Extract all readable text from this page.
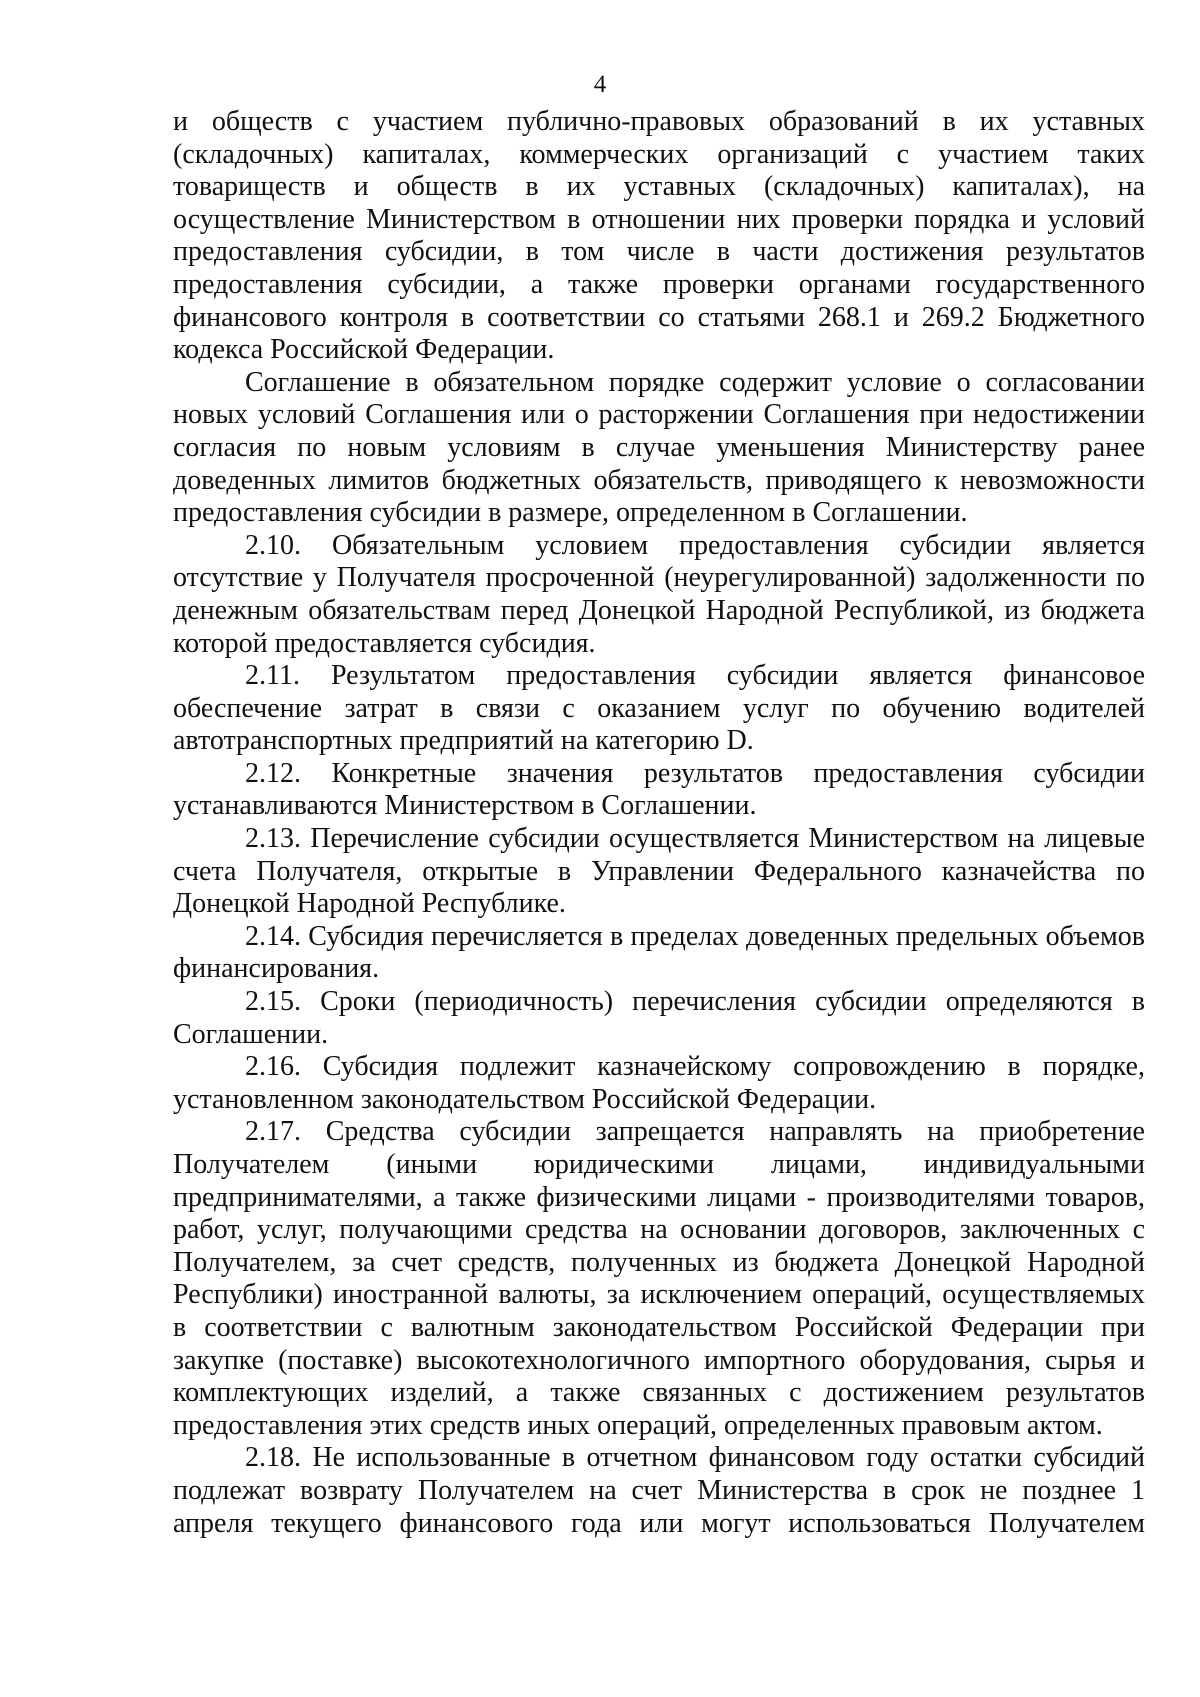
4

и обществ с участием публично-правовых образований в их уставных (складочных) капиталах, коммерческих организаций с участием таких товариществ и обществ в их уставных (складочных) капиталах), на осуществление Министерством в отношении них проверки порядка и условий предоставления субсидии, в том числе в части достижения результатов предоставления субсидии, а также проверки органами государственного финансового контроля в соответствии со статьями 268.1 и 269.2 Бюджетного кодекса Российской Федерации.

Соглашение в обязательном порядке содержит условие о согласовании новых условий Соглашения или о расторжении Соглашения при недостижении согласия по новым условиям в случае уменьшения Министерству ранее доведенных лимитов бюджетных обязательств, приводящего к невозможности предоставления субсидии в размере, определенном в Соглашении.

2.10. Обязательным условием предоставления субсидии является отсутствие у Получателя просроченной (неурегулированной) задолженности по денежным обязательствам перед Донецкой Народной Республикой, из бюджета которой предоставляется субсидия.

2.11. Результатом предоставления субсидии является финансовое обеспечение затрат в связи с оказанием услуг по обучению водителей автотранспортных предприятий на категорию D.

2.12. Конкретные значения результатов предоставления субсидии устанавливаются Министерством в Соглашении.

2.13. Перечисление субсидии осуществляется Министерством на лицевые счета Получателя, открытые в Управлении Федерального казначейства по Донецкой Народной Республике.

2.14. Субсидия перечисляется в пределах доведенных предельных объемов финансирования.

2.15. Сроки (периодичность) перечисления субсидии определяются в Соглашении.

2.16. Субсидия подлежит казначейскому сопровождению в порядке, установленном законодательством Российской Федерации.

2.17. Средства субсидии запрещается направлять на приобретение Получателем (иными юридическими лицами, индивидуальными предпринимателями, а также физическими лицами - производителями товаров, работ, услуг, получающими средства на основании договоров, заключенных с Получателем, за счет средств, полученных из бюджета Донецкой Народной Республики) иностранной валюты, за исключением операций, осуществляемых в соответствии с валютным законодательством Российской Федерации при закупке (поставке) высокотехнологичного импортного оборудования, сырья и комплектующих изделий, а также связанных с достижением результатов предоставления этих средств иных операций, определенных правовым актом.

2.18. Не использованные в отчетном финансовом году остатки субсидий подлежат возврату Получателем на счет Министерства в срок не позднее 1 апреля текущего финансового года или могут использоваться Получателем
